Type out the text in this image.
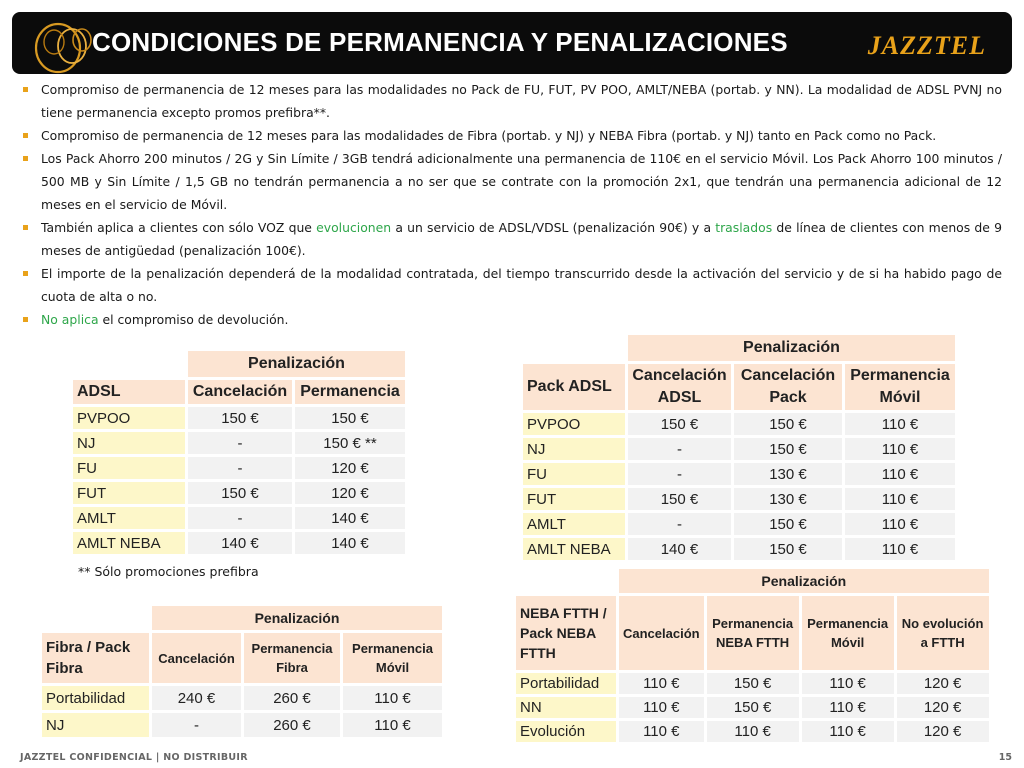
CONDICIONES DE PERMANENCIA Y PENALIZACIONES	JAZZTEL
Compromiso de permanencia de 12 meses para las modalidades no Pack de FU, FUT, PV POO, AMLT/NEBA (portab. y NN). La modalidad de ADSL PVNJ no tiene permanencia excepto promos prefibra**.
Compromiso de permanencia de 12 meses para las modalidades de Fibra (portab. y NJ) y NEBA Fibra (portab. y NJ) tanto en Pack como no Pack.
Los Pack Ahorro 200 minutos / 2G y Sin Límite / 3GB tendrá adicionalmente una permanencia de 110€ en el servicio Móvil. Los Pack Ahorro 100 minutos / 500 MB y Sin Límite / 1,5 GB no tendrán permanencia a no ser que se contrate con la promoción 2x1, que tendrán una permanencia adicional de 12 meses en el servicio de Móvil.
También aplica a clientes con sólo VOZ que evolucionen a un servicio de ADSL/VDSL (penalización 90€) y a traslados de línea de clientes con menos de 9 meses de antigüedad (penalización 100€).
El importe de la penalización dependerá de la modalidad contratada, del tiempo transcurrido desde la activación del servicio y de si ha habido pago de cuota de alta o no.
No aplica el compromiso de devolución.
	Penalización	
ADSL	Cancelación	Permanencia
PVPOO	150 €	150 €
NJ	-	150 € **
FU	-	120 €
FUT	150 €	120 €
AMLT	-	140 €
AMLT NEBA	140 €	140 €
** Sólo promociones prefibra
	Penalización		
Pack ADSL	Cancelación ADSL	Cancelación Pack	Permanencia Móvil
PVPOO	150 €	150 €	110 €
NJ	-	150 €	110 €
FU	-	130 €	110 €
FUT	150 €	130 €	110 €
AMLT	-	150 €	110 €
AMLT NEBA	140 €	150 €	110 €
	Penalización		
Fibra / Pack Fibra	Cancelación	Permanencia Fibra	Permanencia Móvil
Portabilidad	240 €	260 €	110 €
NJ	-	260 €	110 €
	Penalización			
NEBA FTTH / Pack NEBA FTTH	Cancelación	Permanencia NEBA FTTH	Permanencia Móvil	No evolución a FTTH
Portabilidad	110 €	150 €	110 €	120 €
NN	110 €	150 €	110 €	120 €
Evolución	110 €	110 €	110 €	120 €
JAZZTEL CONFIDENCIAL | NO DISTRIBUIR	15
